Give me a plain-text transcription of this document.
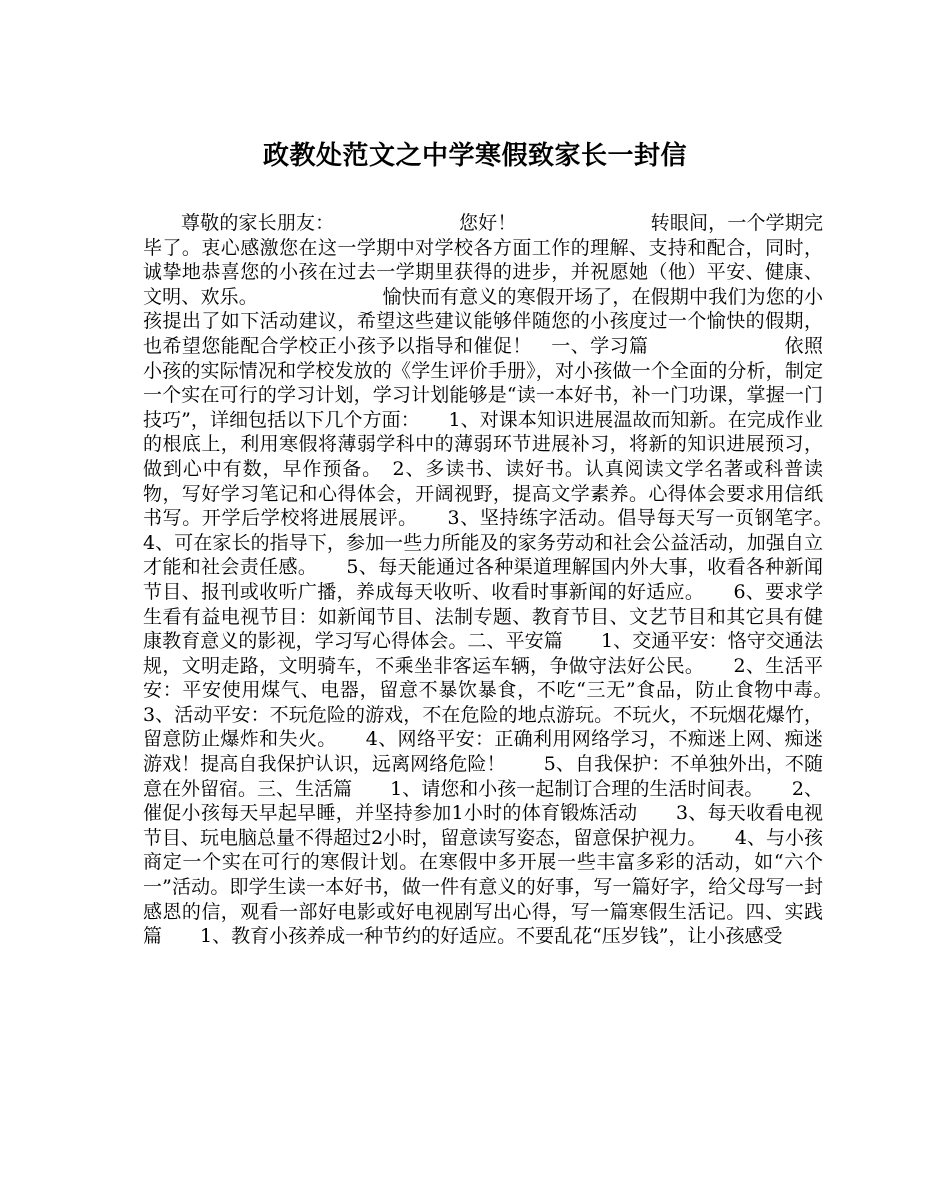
政教处范文之中学寒假致家长一封信

尊敬的家长朋友：　　　　　　　您好！　　　　　　　转眼间，一个学期完毕了。衷心感激您在这一学期中对学校各方面工作的理解、支持和配合，同时，诚挚地恭喜您的小孩在过去一学期里获得的进步，并祝愿她（他）平安、健康、文明、欢乐。　　　　　　　愉快而有意义的寒假开场了，在假期中我们为您的小孩提出了如下活动建议，希望这些建议能够伴随您的小孩度过一个愉快的假期，也希望您能配合学校正小孩予以指导和催促！　一、学习篇　　　　　　　依照小孩的实际情况和学校发放的《学生评价手册》，对小孩做一个全面的分析，制定一个实在可行的学习计划，学习计划能够是“读一本好书，补一门功课，掌握一门技巧”，详细包括以下几个方面：　　1、对课本知识进展温故而知新。在完成作业的根底上，利用寒假将薄弱学科中的薄弱环节进展补习，将新的知识进展预习，做到心中有数，早作预备。　2、多读书、读好书。认真阅读文学名著或科普读物，写好学习笔记和心得体会，开阔视野，提高文学素养。心得体会要求用信纸书写。开学后学校将进展展评。　　3、坚持练字活动。倡导每天写一页钢笔字。　　4、可在家长的指导下，参加一些力所能及的家务劳动和社会公益活动，加强自立才能和社会责任感。　　5、每天能通过各种渠道理解国内外大事，收看各种新闻节目、报刊或收听广播，养成每天收听、收看时事新闻的好适应。　　6、要求学生看有益电视节目：如新闻节目、法制专题、教育节目、文艺节目和其它具有健康教育意义的影视，学习写心得体会。二、平安篇　　1、交通平安：恪守交通法规，文明走路，文明骑车，不乘坐非客运车辆，争做守法好公民。　　2、生活平安：平安使用煤气、电器，留意不暴饮暴食，不吃“三无”食品，防止食物中毒。　　3、活动平安：不玩危险的游戏，不在危险的地点游玩。不玩火，不玩烟花爆竹，留意防止爆炸和失火。　　4、网络平安：正确利用网络学习，不痴迷上网、痴迷游戏！提高自我保护认识，远离网络危险！　　5、自我保护：不单独外出，不随意在外留宿。三、生活篇　　1、请您和小孩一起制订合理的生活时间表。　　2、催促小孩每天早起早睡，并坚持参加1小时的体育锻炼活动　　3、每天收看电视节目、玩电脑总量不得超过2小时，留意读写姿态，留意保护视力。　　4、与小孩商定一个实在可行的寒假计划。在寒假中多开展一些丰富多彩的活动，如“六个一”活动。即学生读一本好书，做一件有意义的好事，写一篇好字，给父母写一封感恩的信，观看一部好电影或好电视剧写出心得，写一篇寒假生活记。四、实践篇　　1、教育小孩养成一种节约的好适应。不要乱花“压岁钱”，让小孩感受
